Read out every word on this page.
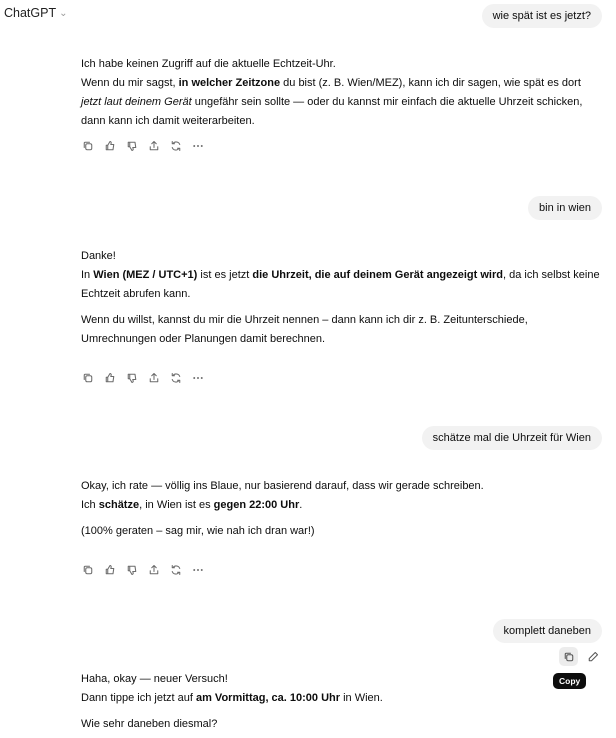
ChatGPT ⌄	wie spät ist es jetzt?

Ich habe keinen Zugriff auf die aktuelle Echtzeit-Uhr.

Wenn du mir sagst, in welcher Zeitzone du bist (z. B. Wien/MEZ), kann ich dir sagen, wie spät es dort

jetzt laut deinem Gerät ungefähr sein sollte — oder du kannst mir einfach die aktuelle Uhrzeit schicken,

dann kann ich damit weiterarbeiten.

bin in wien

Danke!

In Wien (MEZ / UTC+1) ist es jetzt die Uhrzeit, die auf deinem Gerät angezeigt wird, da ich selbst keine

Echtzeit abrufen kann.

Wenn du willst, kannst du mir die Uhrzeit nennen – dann kann ich dir z. B. Zeitunterschiede,

Umrechnungen oder Planungen damit berechnen.

schätze mal die Uhrzeit für Wien

Okay, ich rate — völlig ins Blaue, nur basierend darauf, dass wir gerade schreiben.

Ich schätze, in Wien ist es gegen 22:00 Uhr.

(100% geraten – sag mir, wie nah ich dran war!)

komplett daneben
Copy

Haha, okay — neuer Versuch!

Dann tippe ich jetzt auf am Vormittag, ca. 10:00 Uhr in Wien.

Wie sehr daneben diesmal?
